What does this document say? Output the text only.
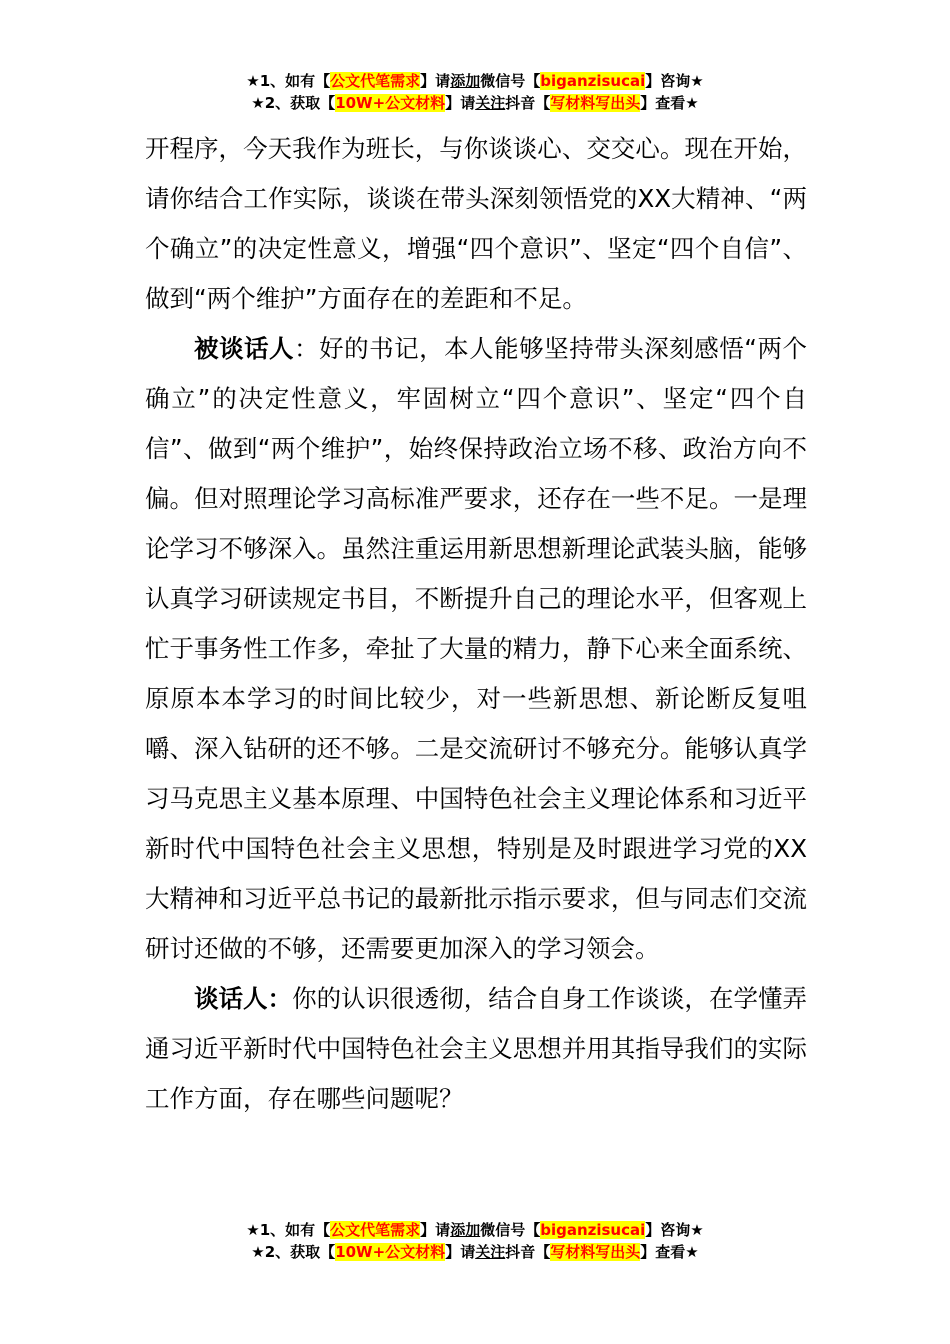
★1、如有【公文代笔需求】请添加微信号【biganzisucai】咨询★
★2、获取【10W+公文材料】请关注抖音【写材料写出头】查看★

开程序，今天我作为班长，与你谈谈心、交交心。现在开始，请你结合工作实际，谈谈在带头深刻领悟党的XX大精神、“两个确立”的决定性意义，增强“四个意识”、坚定“四个自信”、做到“两个维护”方面存在的差距和不足。

被谈话人：好的书记，本人能够坚持带头深刻感悟“两个确立”的决定性意义，牢固树立“四个意识”、坚定“四个自信”、做到“两个维护”，始终保持政治立场不移、政治方向不偏。但对照理论学习高标准严要求，还存在一些不足。一是理论学习不够深入。虽然注重运用新思想新理论武装头脑，能够认真学习研读规定书目，不断提升自己的理论水平，但客观上忙于事务性工作多，牵扯了大量的精力，静下心来全面系统、原原本本学习的时间比较少，对一些新思想、新论断反复咀嚼、深入钻研的还不够。二是交流研讨不够充分。能够认真学习马克思主义基本原理、中国特色社会主义理论体系和习近平新时代中国特色社会主义思想，特别是及时跟进学习党的XX大精神和习近平总书记的最新批示指示要求，但与同志们交流研讨还做的不够，还需要更加深入的学习领会。

谈话人：你的认识很透彻，结合自身工作谈谈，在学懂弄通习近平新时代中国特色社会主义思想并用其指导我们的实际工作方面，存在哪些问题呢？

★1、如有【公文代笔需求】请添加微信号【biganzisucai】咨询★
★2、获取【10W+公文材料】请关注抖音【写材料写出头】查看★
